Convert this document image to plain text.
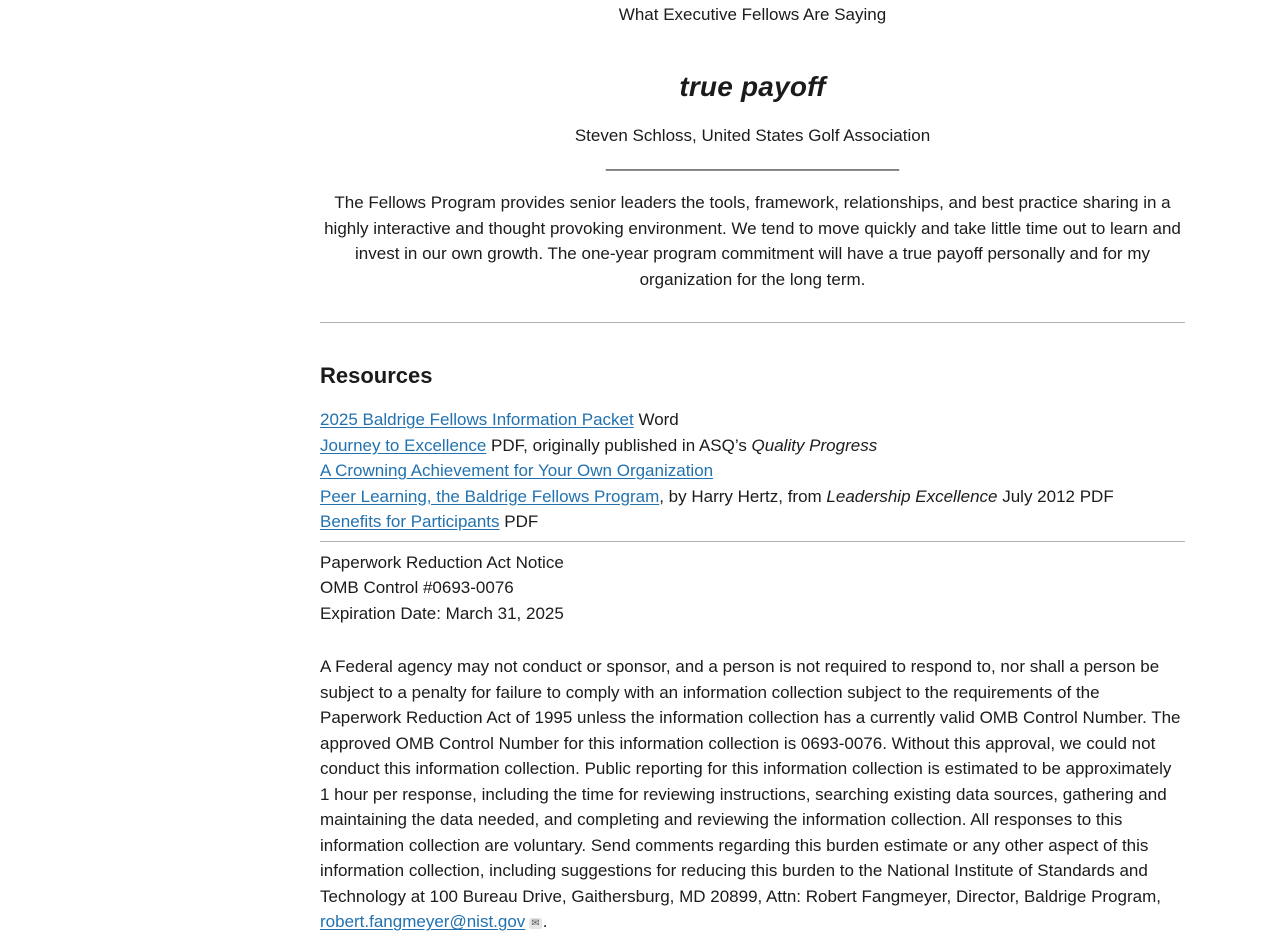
What Executive Fellows Are Saying

true payoff

Steven Schloss, United States Golf Association

_______________________________

The Fellows Program provides senior leaders the tools, framework, relationships, and best practice sharing in a highly interactive and thought provoking environment. We tend to move quickly and take little time out to learn and invest in our own growth. The one-year program commitment will have a true payoff personally and for my organization for the long term.

Resources

2025 Baldrige Fellows Information Packet Word
Journey to Excellence PDF, originally published in ASQ’s Quality Progress
A Crowning Achievement for Your Own Organization
Peer Learning, the Baldrige Fellows Program, by Harry Hertz, from Leadership Excellence July 2012 PDF
Benefits for Participants PDF

Paperwork Reduction Act Notice
OMB Control #0693-0076
Expiration Date: March 31, 2025

A Federal agency may not conduct or sponsor, and a person is not required to respond to, nor shall a person be subject to a penalty for failure to comply with an information collection subject to the requirements of the Paperwork Reduction Act of 1995 unless the information collection has a currently valid OMB Control Number. The approved OMB Control Number for this information collection is 0693-0076. Without this approval, we could not conduct this information collection. Public reporting for this information collection is estimated to be approximately 1 hour per response, including the time for reviewing instructions, searching existing data sources, gathering and maintaining the data needed, and completing and reviewing the information collection. All responses to this information collection are voluntary. Send comments regarding this burden estimate or any other aspect of this information collection, including suggestions for reducing this burden to the National Institute of Standards and Technology at 100 Bureau Drive, Gaithersburg, MD 20899, Attn: Robert Fangmeyer, Director, Baldrige Program, robert.fangmeyer@nist.gov ✉ .
